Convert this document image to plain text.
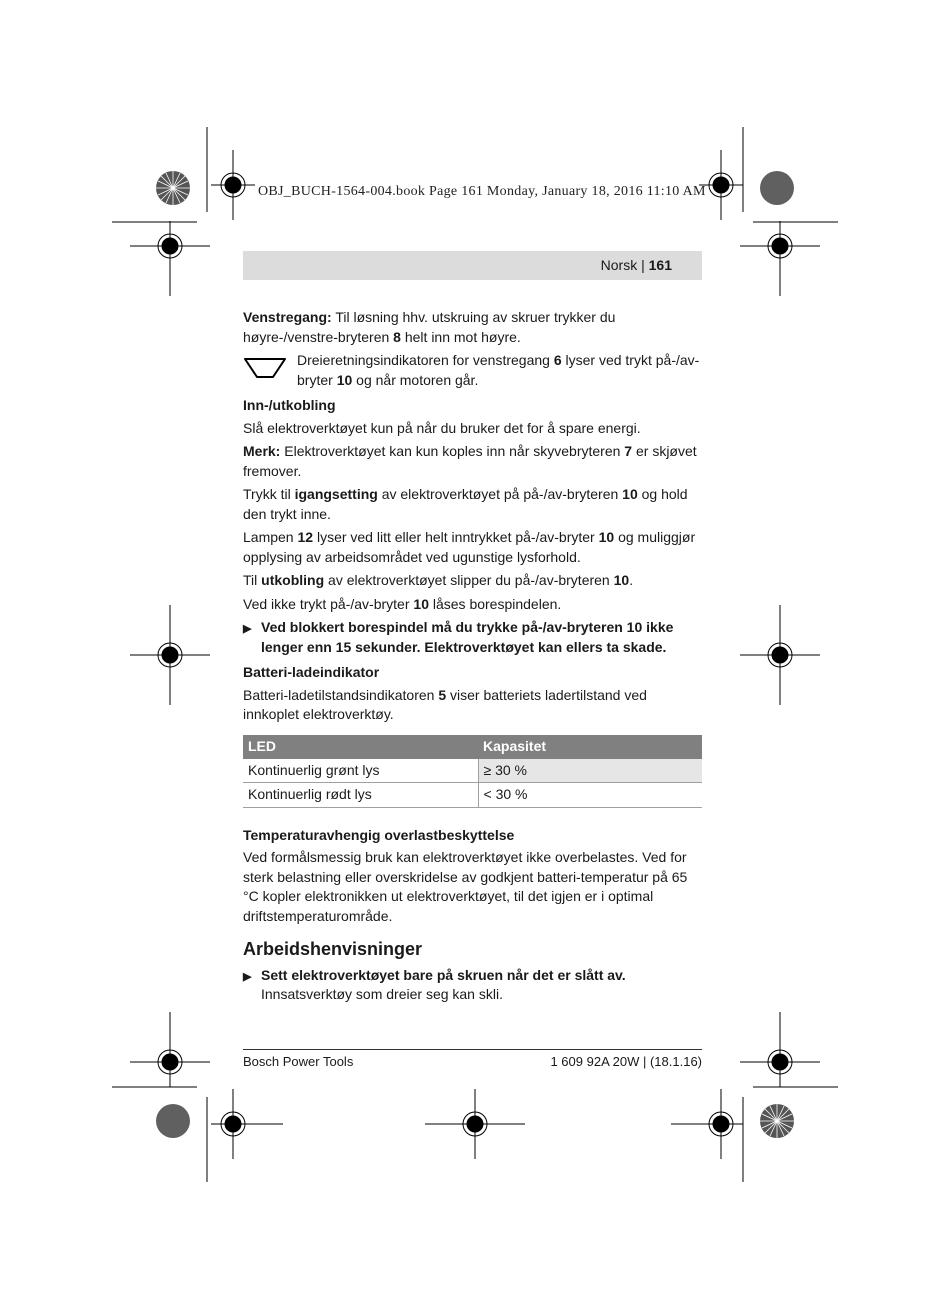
OBJ_BUCH-1564-004.book Page 161 Monday, January 18, 2016 11:10 AM
Norsk | 161

Venstregang: Til løsning hhv. utskruing av skruer trykker du høyre-/venstre-bryteren 8 helt inn mot høyre.

Dreieretningsindikatoren for venstregang 6 lyser ved trykt på-/av-bryter 10 og når motoren går.
Inn-/utkobling

Slå elektroverktøyet kun på når du bruker det for å spare energi.

Merk: Elektroverktøyet kan kun koples inn når skyvebryteren 7 er skjøvet fremover.

Trykk til igangsetting av elektroverktøyet på på-/av-bryteren 10 og hold den trykt inne.

Lampen 12 lyser ved litt eller helt inntrykket på-/av-bryter 10 og muliggjør opplysing av arbeidsområdet ved ugunstige lysforhold.

Til utkobling av elektroverktøyet slipper du på-/av-bryteren 10.

Ved ikke trykt på-/av-bryter 10 låses borespindelen.

▶ Ved blokkert borespindel må du trykke på-/av-bryteren 10 ikke lenger enn 15 sekunder. Elektroverktøyet kan ellers ta skade.
Batteri-ladeindikator

Batteri-ladetilstandsindikatoren 5 viser batteriets ladertilstand ved innkoplet elektroverktøy.

LED	Kapasitet
Kontinuerlig grønt lys	≥ 30 %
Kontinuerlig rødt lys	< 30 %
Temperaturavhengig overlastbeskyttelse

Ved formålsmessig bruk kan elektroverktøyet ikke overbelastes. Ved for sterk belastning eller overskridelse av godkjent batteri-temperatur på 65 °C kopler elektronikken ut elektroverktøyet, til det igjen er i optimal driftstemperaturområde.

Arbeidshenvisninger
▶ Sett elektroverktøyet bare på skruen når det er slått av. Innsatsverktøy som dreier seg kan skli.
Bosch Power Tools	1 609 92A 20W | (18.1.16)
